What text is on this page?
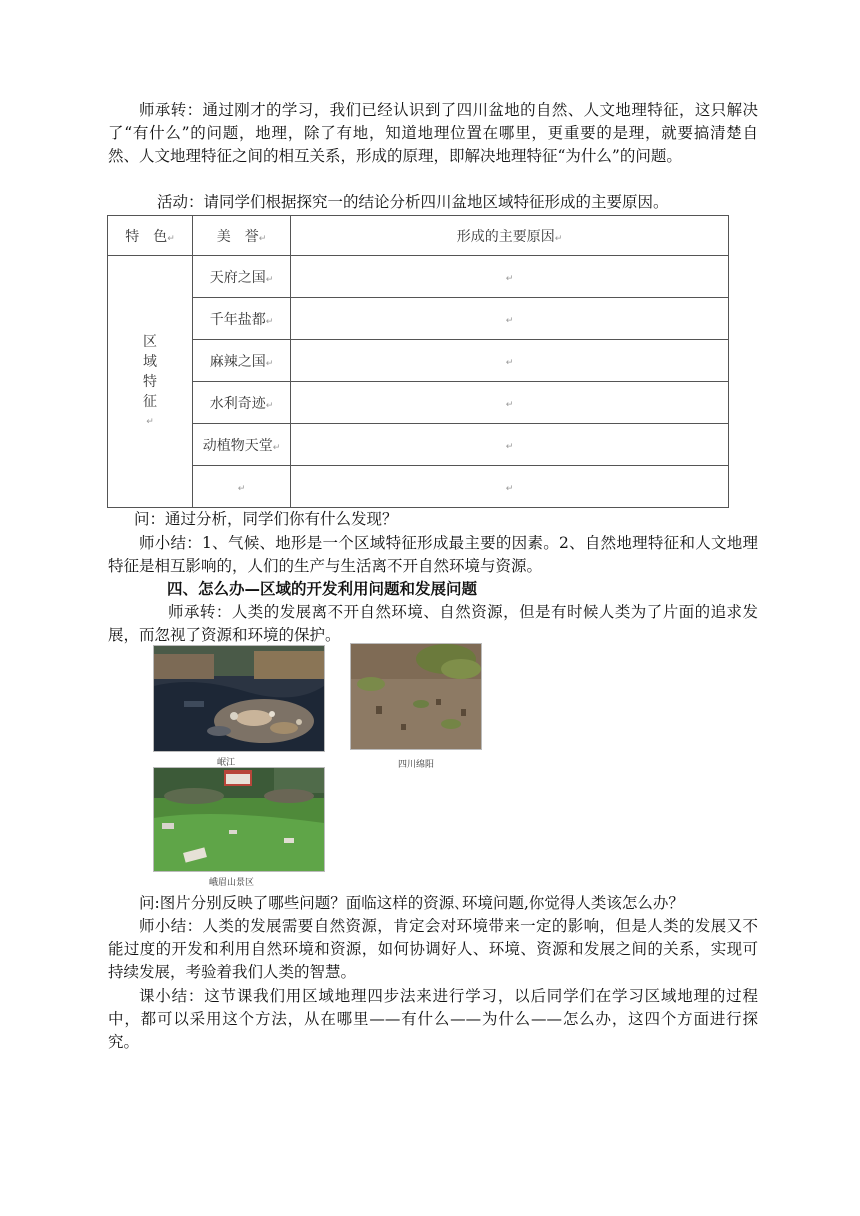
师承转：通过刚才的学习，我们已经认识到了四川盆地的自然、人文地理特征，这只解决了“有什么”的问题，地理，除了有地，知道地理位置在哪里，更重要的是理，就要搞清楚自然、人文地理特征之间的相互关系，形成的原理，即解决地理特征“为什么”的问题。
活动：请同学们根据探究一的结论分析四川盆地区域特征形成的主要原因。
特　色↵	美　誉↵	形成的主要原因↵

区
域
特
征
↵	天府之国↵	↵
	千年盐都↵	↵
	麻辣之国↵	↵
	水利奇迹↵	↵
	动植物天堂↵	↵
	↵	↵
问：通过分析，同学们你有什么发现？
师小结：1、气候、地形是一个区域特征形成最主要的因素。2、自然地理特征和人文地理特征是相互影响的，人们的生产与生活离不开自然环境与资源。
四、怎么办—区域的开发利用问题和发展问题
师承转：人类的发展离不开自然环境、自然资源，但是有时候人类为了片面的追求发展，而忽视了资源和环境的保护。
岷江	四川绵阳
峨眉山景区
问:图片分别反映了哪些问题？面临这样的资源､环境问题,你觉得人类该怎么办？
师小结：人类的发展需要自然资源，肯定会对环境带来一定的影响，但是人类的发展又不能过度的开发和利用自然环境和资源，如何协调好人、环境、资源和发展之间的关系，实现可持续发展，考验着我们人类的智慧。
课小结：这节课我们用区域地理四步法来进行学习，以后同学们在学习区域地理的过程中，都可以采用这个方法，从在哪里——有什么——为什么——怎么办，这四个方面进行探究。
